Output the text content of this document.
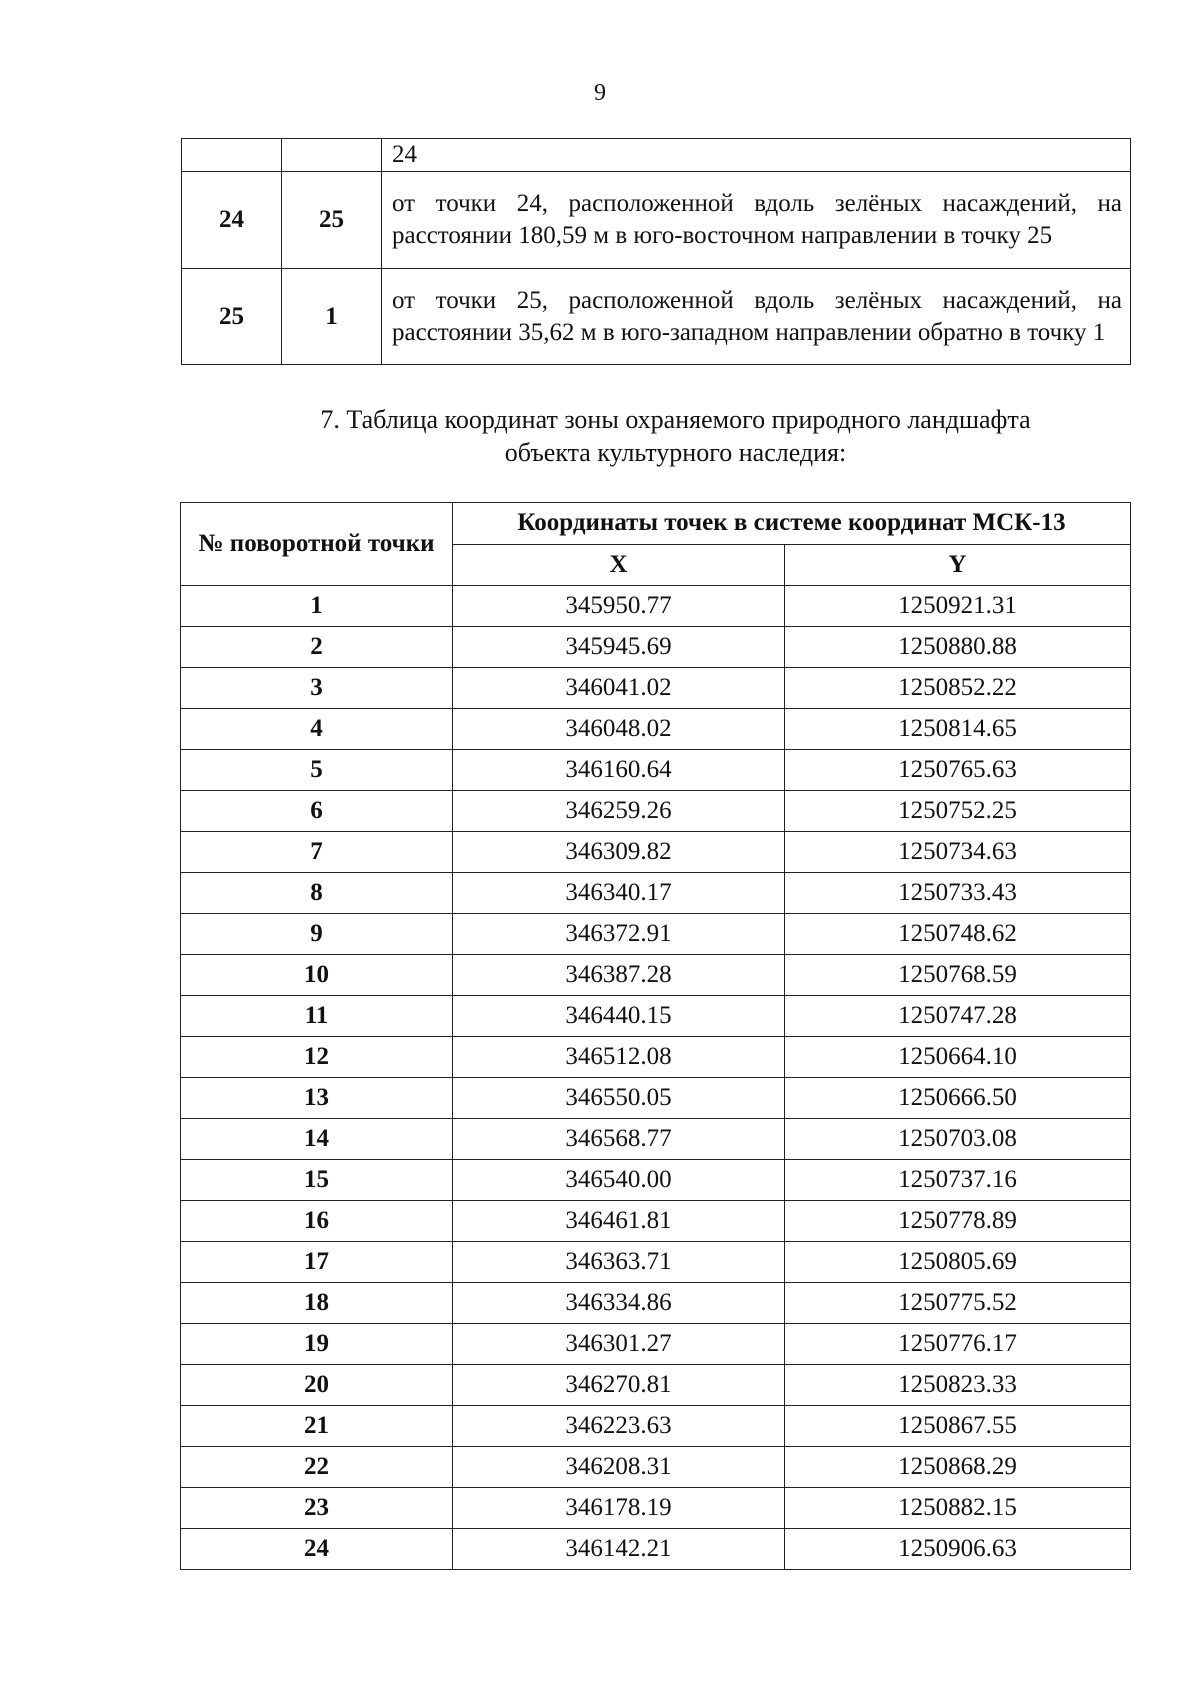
9
		24
24	25	от точки 24, расположенной вдоль зелёных насаждений, на расстоянии 180,59 м в юго-восточном направлении в точку 25
25	1	от точки 25, расположенной вдоль зелёных насаждений, на расстоянии 35,62 м в юго-западном направлении обратно в точку 1
7. Таблица координат зоны охраняемого природного ландшафта
объекта культурного наследия:
№ поворотной точки	Координаты точек в системе координат МСК-13	
	X	Y
1	345950.77	1250921.31
2	345945.69	1250880.88
3	346041.02	1250852.22
4	346048.02	1250814.65
5	346160.64	1250765.63
6	346259.26	1250752.25
7	346309.82	1250734.63
8	346340.17	1250733.43
9	346372.91	1250748.62
10	346387.28	1250768.59
11	346440.15	1250747.28
12	346512.08	1250664.10
13	346550.05	1250666.50
14	346568.77	1250703.08
15	346540.00	1250737.16
16	346461.81	1250778.89
17	346363.71	1250805.69
18	346334.86	1250775.52
19	346301.27	1250776.17
20	346270.81	1250823.33
21	346223.63	1250867.55
22	346208.31	1250868.29
23	346178.19	1250882.15
24	346142.21	1250906.63
